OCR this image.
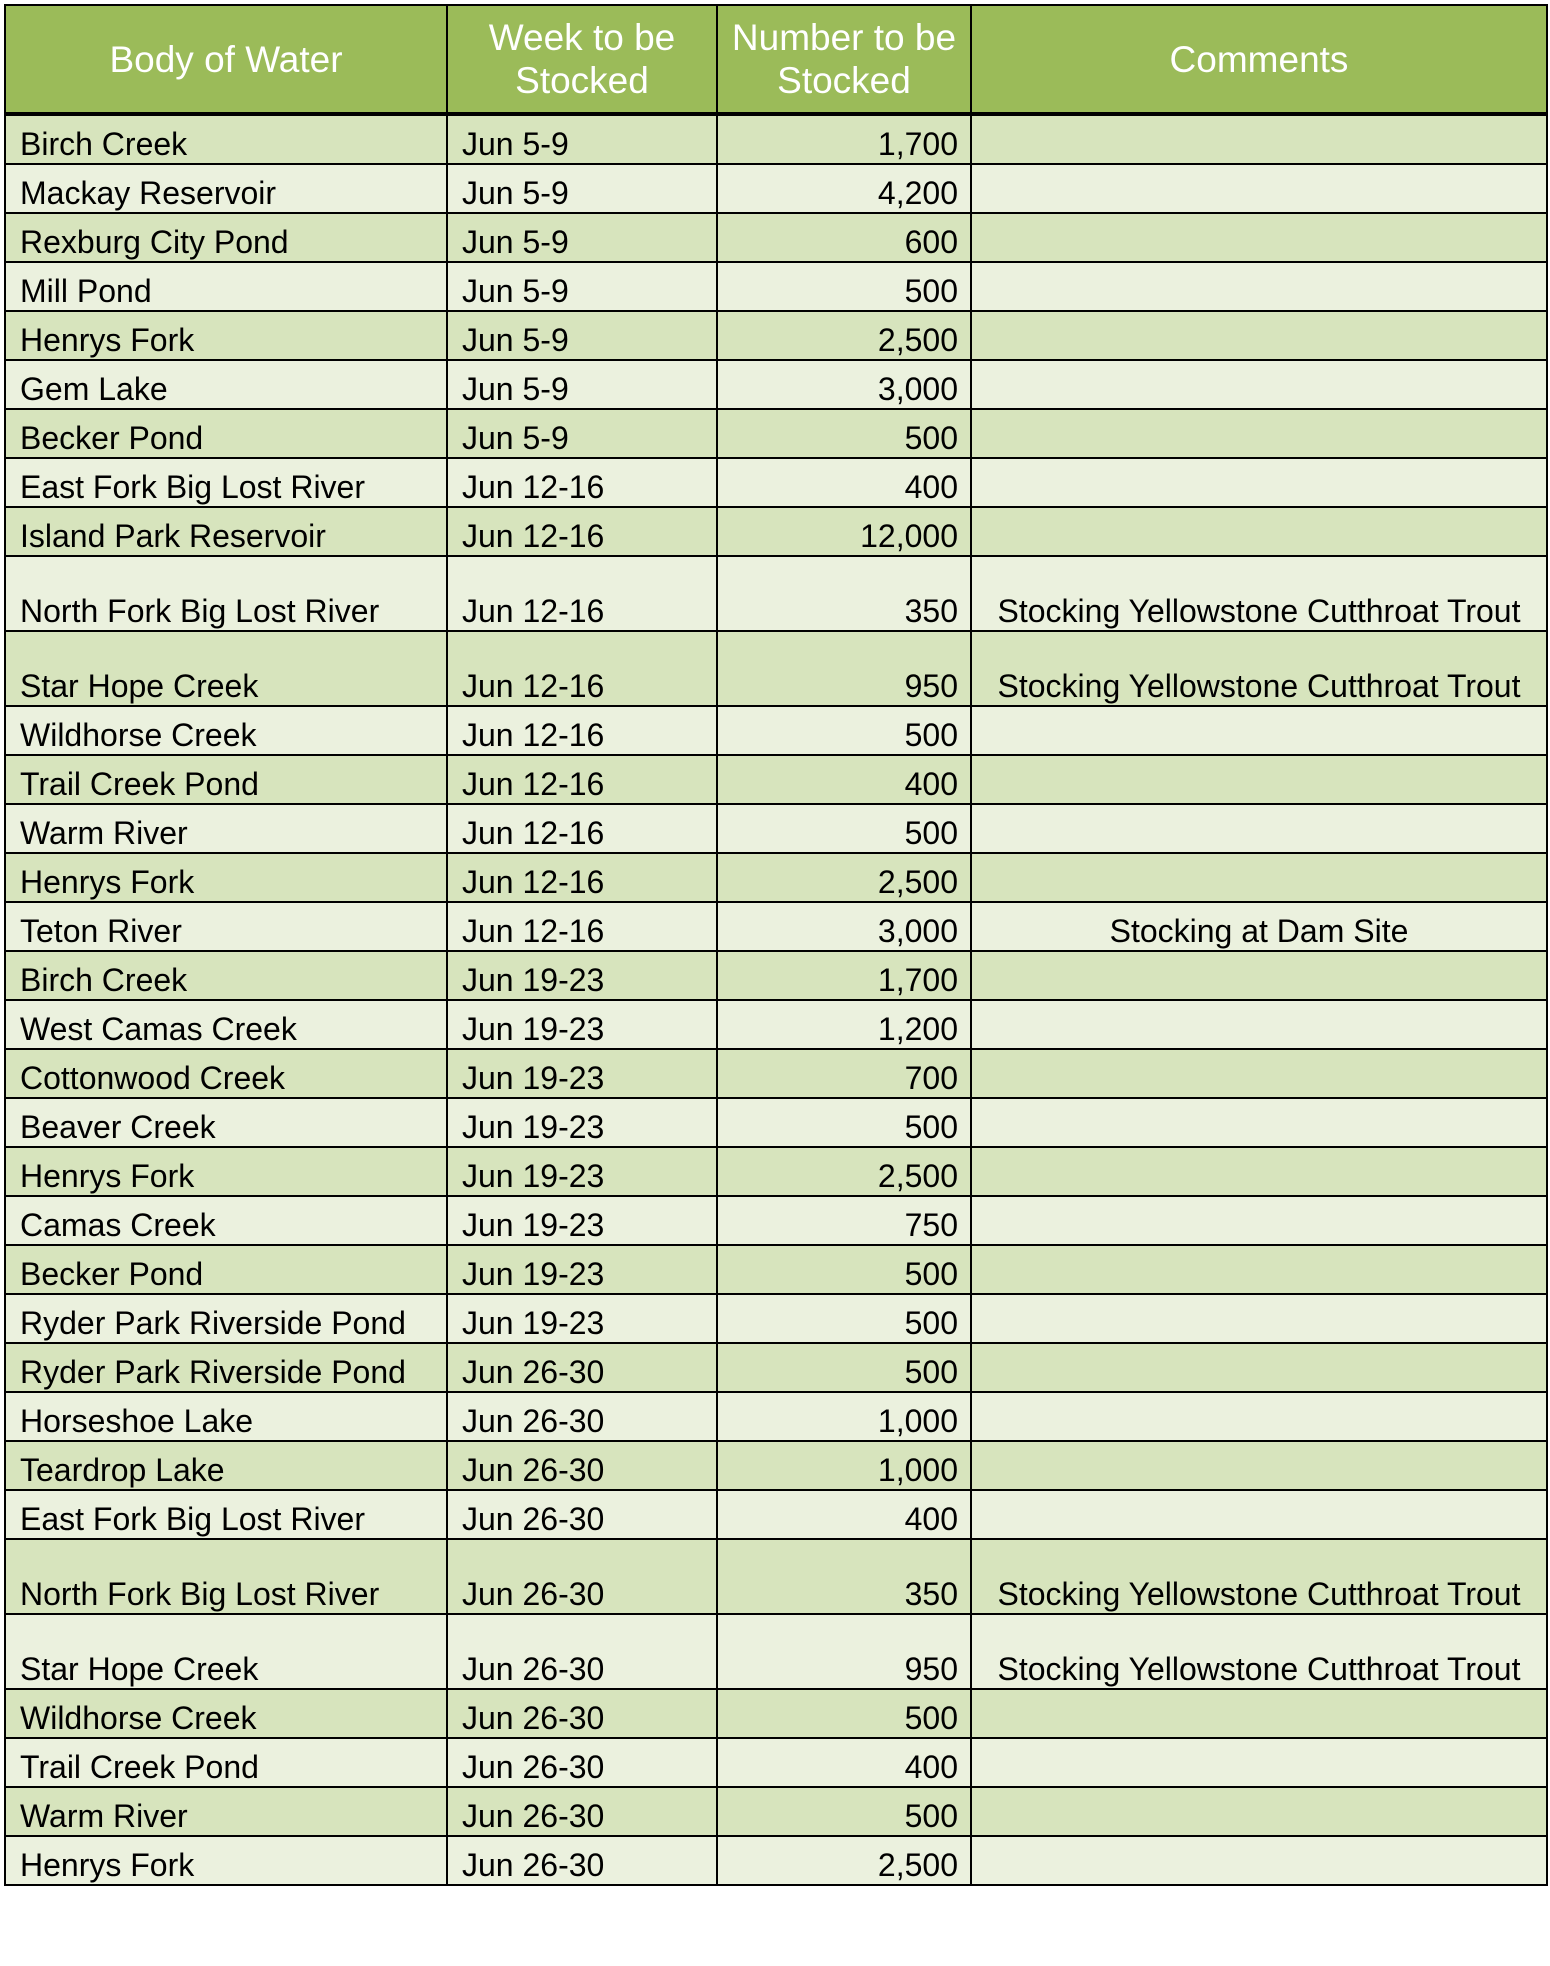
Body of Water	Week to be Stocked	Number to be Stocked	Comments
Birch Creek	Jun 5-9	1,700	
Mackay Reservoir	Jun 5-9	4,200	
Rexburg City Pond	Jun 5-9	600	
Mill Pond	Jun 5-9	500	
Henrys Fork	Jun 5-9	2,500	
Gem Lake	Jun 5-9	3,000	
Becker Pond	Jun 5-9	500	
East Fork Big Lost River	Jun 12-16	400	
Island Park Reservoir	Jun 12-16	12,000	
North Fork Big Lost River	Jun 12-16	350	Stocking Yellowstone Cutthroat Trout
Star Hope Creek	Jun 12-16	950	Stocking Yellowstone Cutthroat Trout
Wildhorse Creek	Jun 12-16	500	
Trail Creek Pond	Jun 12-16	400	
Warm River	Jun 12-16	500	
Henrys Fork	Jun 12-16	2,500	
Teton River	Jun 12-16	3,000	Stocking at Dam Site
Birch Creek	Jun 19-23	1,700	
West Camas Creek	Jun 19-23	1,200	
Cottonwood Creek	Jun 19-23	700	
Beaver Creek	Jun 19-23	500	
Henrys Fork	Jun 19-23	2,500	
Camas Creek	Jun 19-23	750	
Becker Pond	Jun 19-23	500	
Ryder Park Riverside Pond	Jun 19-23	500	
Ryder Park Riverside Pond	Jun 26-30	500	
Horseshoe Lake	Jun 26-30	1,000	
Teardrop Lake	Jun 26-30	1,000	
East Fork Big Lost River	Jun 26-30	400	
North Fork Big Lost River	Jun 26-30	350	Stocking Yellowstone Cutthroat Trout
Star Hope Creek	Jun 26-30	950	Stocking Yellowstone Cutthroat Trout
Wildhorse Creek	Jun 26-30	500	
Trail Creek Pond	Jun 26-30	400	
Warm River	Jun 26-30	500	
Henrys Fork	Jun 26-30	2,500	
